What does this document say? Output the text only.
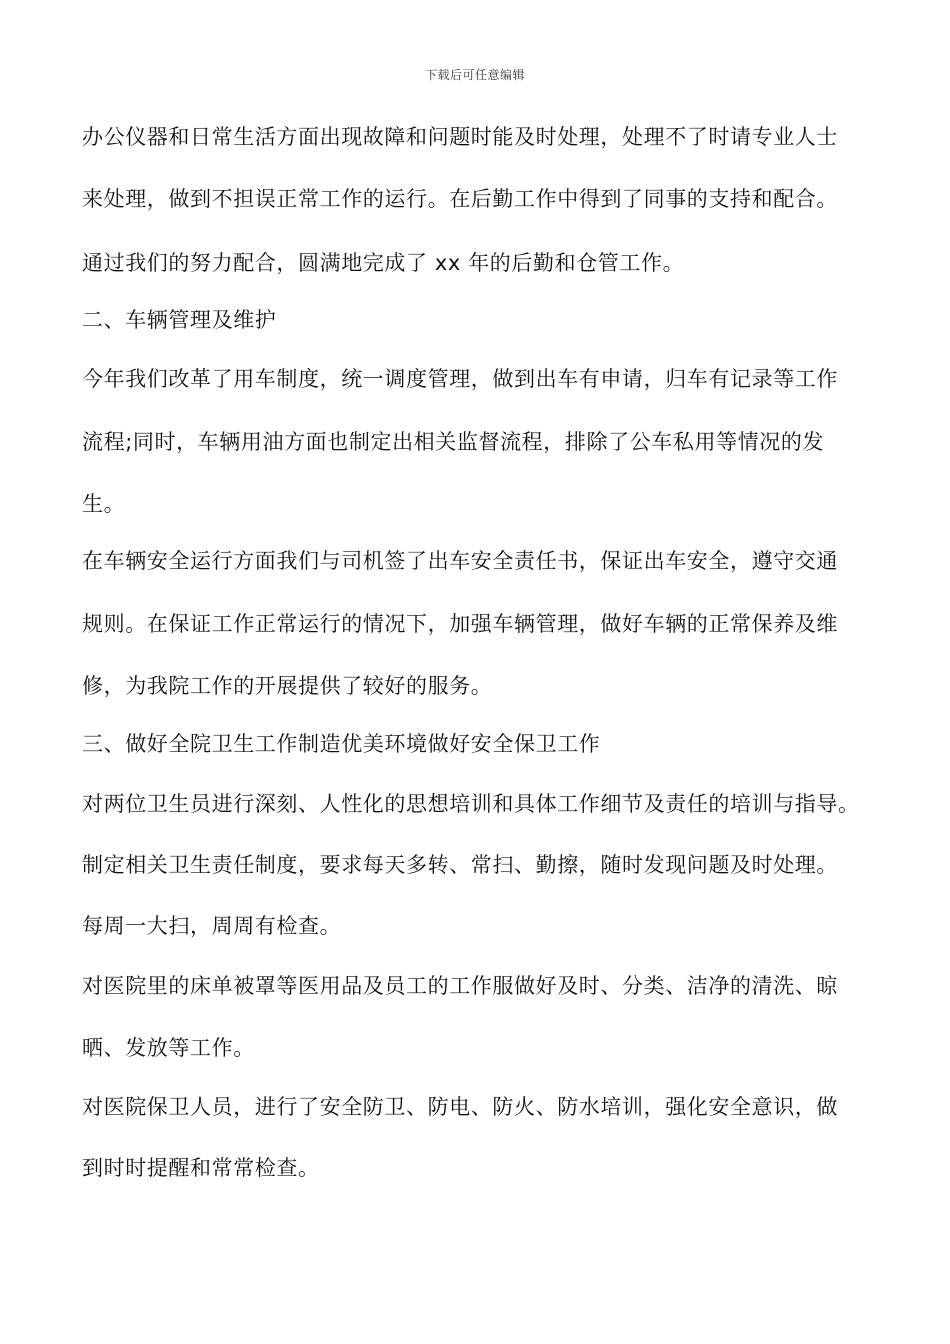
下载后可任意编辑
办公仪器和日常生活方面出现故障和问题时能及时处理，处理不了时请专业人士
来处理，做到不担误正常工作的运行。在后勤工作中得到了同事的支持和配合。
通过我们的努力配合，圆满地完成了 xx 年的后勤和仓管工作。
二、车辆管理及维护
今年我们改革了用车制度，统一调度管理，做到出车有申请，归车有记录等工作
流程;同时，车辆用油方面也制定出相关监督流程，排除了公车私用等情况的发
生。
在车辆安全运行方面我们与司机签了出车安全责任书，保证出车安全，遵守交通
规则。在保证工作正常运行的情况下，加强车辆管理，做好车辆的正常保养及维
修，为我院工作的开展提供了较好的服务。
三、做好全院卫生工作制造优美环境做好安全保卫工作
对两位卫生员进行深刻、人性化的思想培训和具体工作细节及责任的培训与指导。
制定相关卫生责任制度，要求每天多转、常扫、勤擦，随时发现问题及时处理。
每周一大扫，周周有检查。
对医院里的床单被罩等医用品及员工的工作服做好及时、分类、洁净的清洗、晾
晒、发放等工作。
对医院保卫人员，进行了安全防卫、防电、防火、防水培训，强化安全意识，做
到时时提醒和常常检查。
